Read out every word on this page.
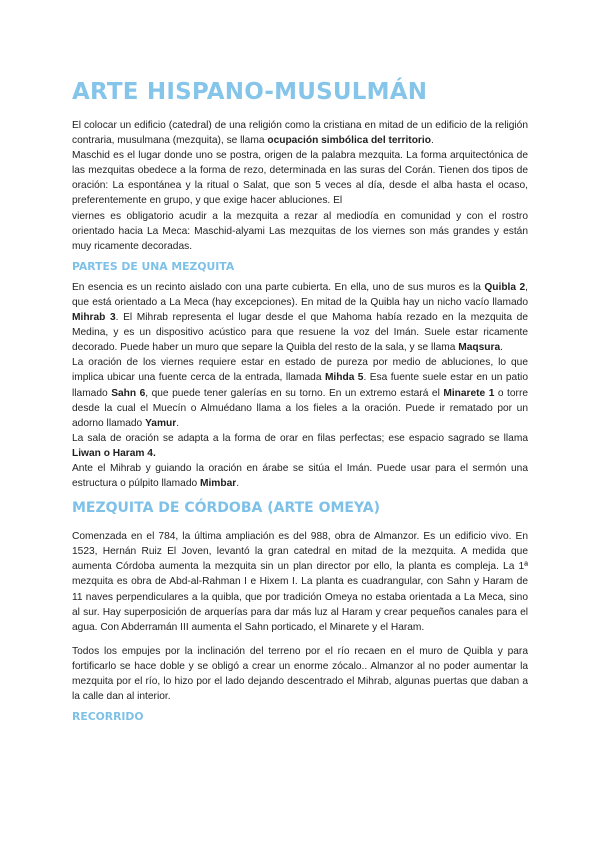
ARTE HISPANO-MUSULMÁN

El colocar un edificio (catedral) de una religión como la cristiana en mitad de un edificio de la religión contraria, musulmana (mezquita), se llama ocupación simbólica del territorio.

Maschid es el lugar donde uno se postra, origen de la palabra mezquita. La forma arquitectónica de las mezquitas obedece a la forma de rezo, determinada en las suras del Corán. Tienen dos tipos de oración: La espontánea y la ritual o Salat, que son 5 veces al día, desde el alba hasta el ocaso, preferentemente en grupo, y que exige hacer abluciones. El

viernes es obligatorio acudir a la mezquita a rezar al mediodía en comunidad y con el rostro orientado hacia La Meca: Maschid-alyami Las mezquitas de los viernes son más grandes y están muy ricamente decoradas.

PARTES DE UNA MEZQUITA

En esencia es un recinto aislado con una parte cubierta. En ella, uno de sus muros es la Quibla 2, que está orientado a La Meca (hay excepciones). En mitad de la Quibla hay un nicho vacío llamado Mihrab 3. El Mihrab representa el lugar desde el que Mahoma había rezado en la mezquita de Medina, y es un dispositivo acústico para que resuene la voz del Imán. Suele estar ricamente decorado. Puede haber un muro que separe la Quibla del resto de la sala, y se llama Maqsura.

La oración de los viernes requiere estar en estado de pureza por medio de abluciones, lo que implica ubicar una fuente cerca de la entrada, llamada Mihda 5. Esa fuente suele estar en un patio llamado Sahn 6, que puede tener galerías en su torno. En un extremo estará el Minarete 1 o torre desde la cual el Muecín o Almuédano llama a los fieles a la oración. Puede ir rematado por un adorno llamado Yamur.

La sala de oración se adapta a la forma de orar en filas perfectas; ese espacio sagrado se llama Liwan o Haram 4.

Ante el Mihrab y guiando la oración en árabe se sitúa el Imán. Puede usar para el sermón una estructura o púlpito llamado Mimbar.

MEZQUITA DE CÓRDOBA (ARTE OMEYA)

Comenzada en el 784, la última ampliación es del 988, obra de Almanzor. Es un edificio vivo. En 1523, Hernán Ruiz El Joven, levantó la gran catedral en mitad de la mezquita. A medida que aumenta Córdoba aumenta la mezquita sin un plan director por ello, la planta es compleja. La 1ª mezquita es obra de Abd-al-Rahman I e Hixem I. La planta es cuadrangular, con Sahn y Haram de 11 naves perpendiculares a la quibla, que por tradición Omeya no estaba orientada a La Meca, sino al sur. Hay superposición de arquerías para dar más luz al Haram y crear pequeños canales para el agua. Con Abderramán III aumenta el Sahn porticado, el Minarete y el Haram.

Todos los empujes por la inclinación del terreno por el río recaen en el muro de Quibla y para fortificarlo se hace doble y se obligó a crear un enorme zócalo.. Almanzor al no poder aumentar la mezquita por el río, lo hizo por el lado dejando descentrado el Mihrab, algunas puertas que daban a la calle dan al interior.

RECORRIDO
